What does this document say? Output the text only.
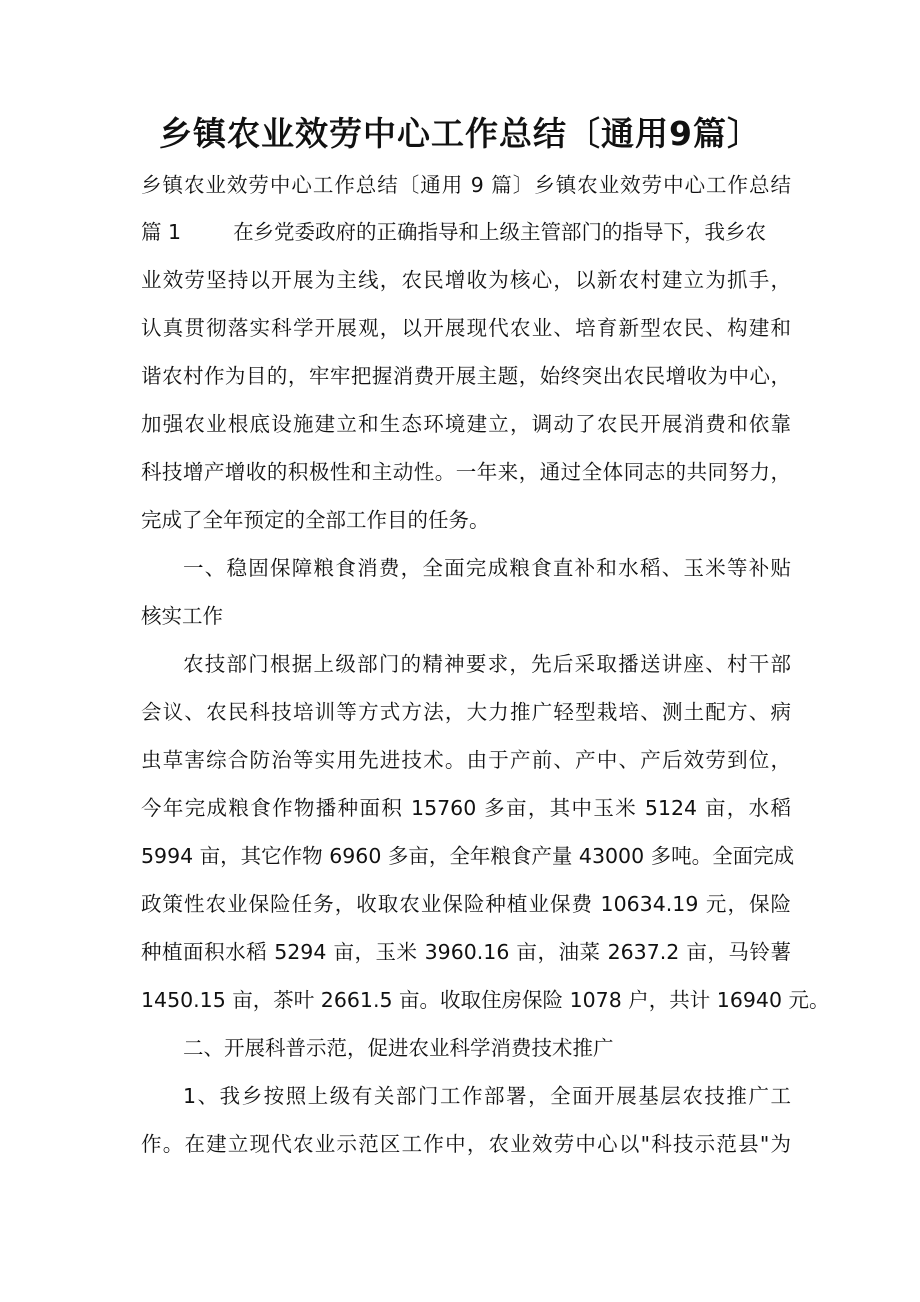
乡镇农业效劳中心工作总结〔通用9篇〕
乡镇农业效劳中心工作总结〔通用 9 篇〕乡镇农业效劳中心工作总结
篇 1	在乡党委政府的正确指导和上级主管部门的指导下，我乡农
业效劳坚持以开展为主线，农民增收为核心，以新农村建立为抓手，
认真贯彻落实科学开展观，以开展现代农业、培育新型农民、构建和
谐农村作为目的，牢牢把握消费开展主题，始终突出农民增收为中心，
加强农业根底设施建立和生态环境建立，调动了农民开展消费和依靠
科技增产增收的积极性和主动性。一年来，通过全体同志的共同努力，
完成了全年预定的全部工作目的任务。
一、稳固保障粮食消费，全面完成粮食直补和水稻、玉米等补贴
核实工作
农技部门根据上级部门的精神要求，先后采取播送讲座、村干部
会议、农民科技培训等方式方法，大力推广轻型栽培、测土配方、病
虫草害综合防治等实用先进技术。由于产前、产中、产后效劳到位，
今年完成粮食作物播种面积 15760 多亩，其中玉米 5124 亩，水稻
5994 亩，其它作物 6960 多亩，全年粮食产量 43000 多吨。全面完成
政策性农业保险任务，收取农业保险种植业保费 10634.19 元，保险
种植面积水稻 5294 亩，玉米 3960.16 亩，油菜 2637.2 亩，马铃薯
1450.15 亩，茶叶 2661.5 亩。收取住房保险 1078 户，共计 16940 元。
二、开展科普示范，促进农业科学消费技术推广
1、我乡按照上级有关部门工作部署，全面开展基层农技推广工
作。在建立现代农业示范区工作中，农业效劳中心以"科技示范县"为
